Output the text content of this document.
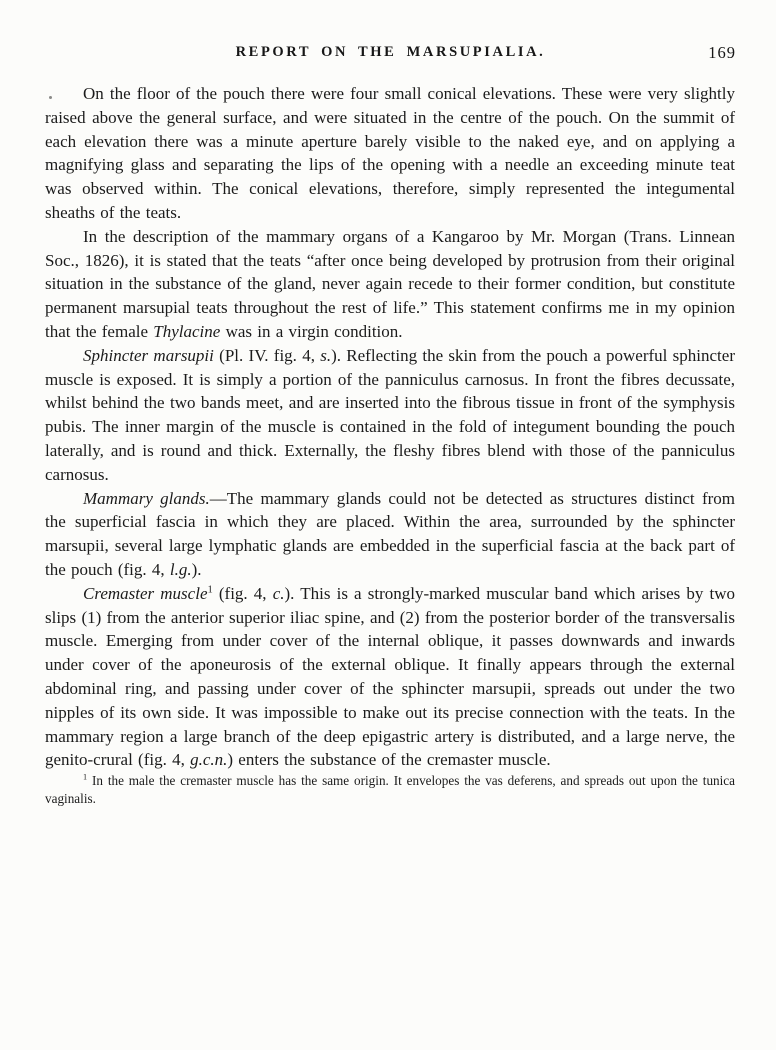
REPORT ON THE MARSUPIALIA.	169

On the floor of the pouch there were four small conical elevations. These were very slightly raised above the general surface, and were situated in the centre of the pouch. On the summit of each elevation there was a minute aperture barely visible to the naked eye, and on applying a magnifying glass and separating the lips of the opening with a needle an exceeding minute teat was observed within. The conical elevations, therefore, simply represented the integumental sheaths of the teats.

In the description of the mammary organs of a Kangaroo by Mr. Morgan (Trans. Linnean Soc., 1826), it is stated that the teats “after once being developed by protrusion from their original situation in the substance of the gland, never again recede to their former condition, but constitute permanent marsupial teats throughout the rest of life.” This statement confirms me in my opinion that the female Thylacine was in a virgin condition.

Sphincter marsupii (Pl. IV. fig. 4, s.). Reflecting the skin from the pouch a powerful sphincter muscle is exposed. It is simply a portion of the panniculus carnosus. In front the fibres decussate, whilst behind the two bands meet, and are inserted into the fibrous tissue in front of the symphysis pubis. The inner margin of the muscle is contained in the fold of integument bounding the pouch laterally, and is round and thick. Externally, the fleshy fibres blend with those of the panniculus carnosus.

Mammary glands.—The mammary glands could not be detected as structures distinct from the superficial fascia in which they are placed. Within the area, surrounded by the sphincter marsupii, several large lymphatic glands are embedded in the superficial fascia at the back part of the pouch (fig. 4, l.g.).

Cremaster muscle$^1$ (fig. 4, c.). This is a strongly-marked muscular band which arises by two slips (1) from the anterior superior iliac spine, and (2) from the posterior border of the transversalis muscle. Emerging from under cover of the internal oblique, it passes downwards and inwards under cover of the aponeurosis of the external oblique. It finally appears through the external abdominal ring, and passing under cover of the sphincter marsupii, spreads out under the two nipples of its own side. It was impossible to make out its precise connection with the teats. In the mammary region a large branch of the deep epigastric artery is distributed, and a large nerve, the genito-crural (fig. 4, g.c.n.) enters the substance of the cremaster muscle.

$^1$ In the male the cremaster muscle has the same origin. It envelopes the vas deferens, and spreads out upon the tunica vaginalis.
